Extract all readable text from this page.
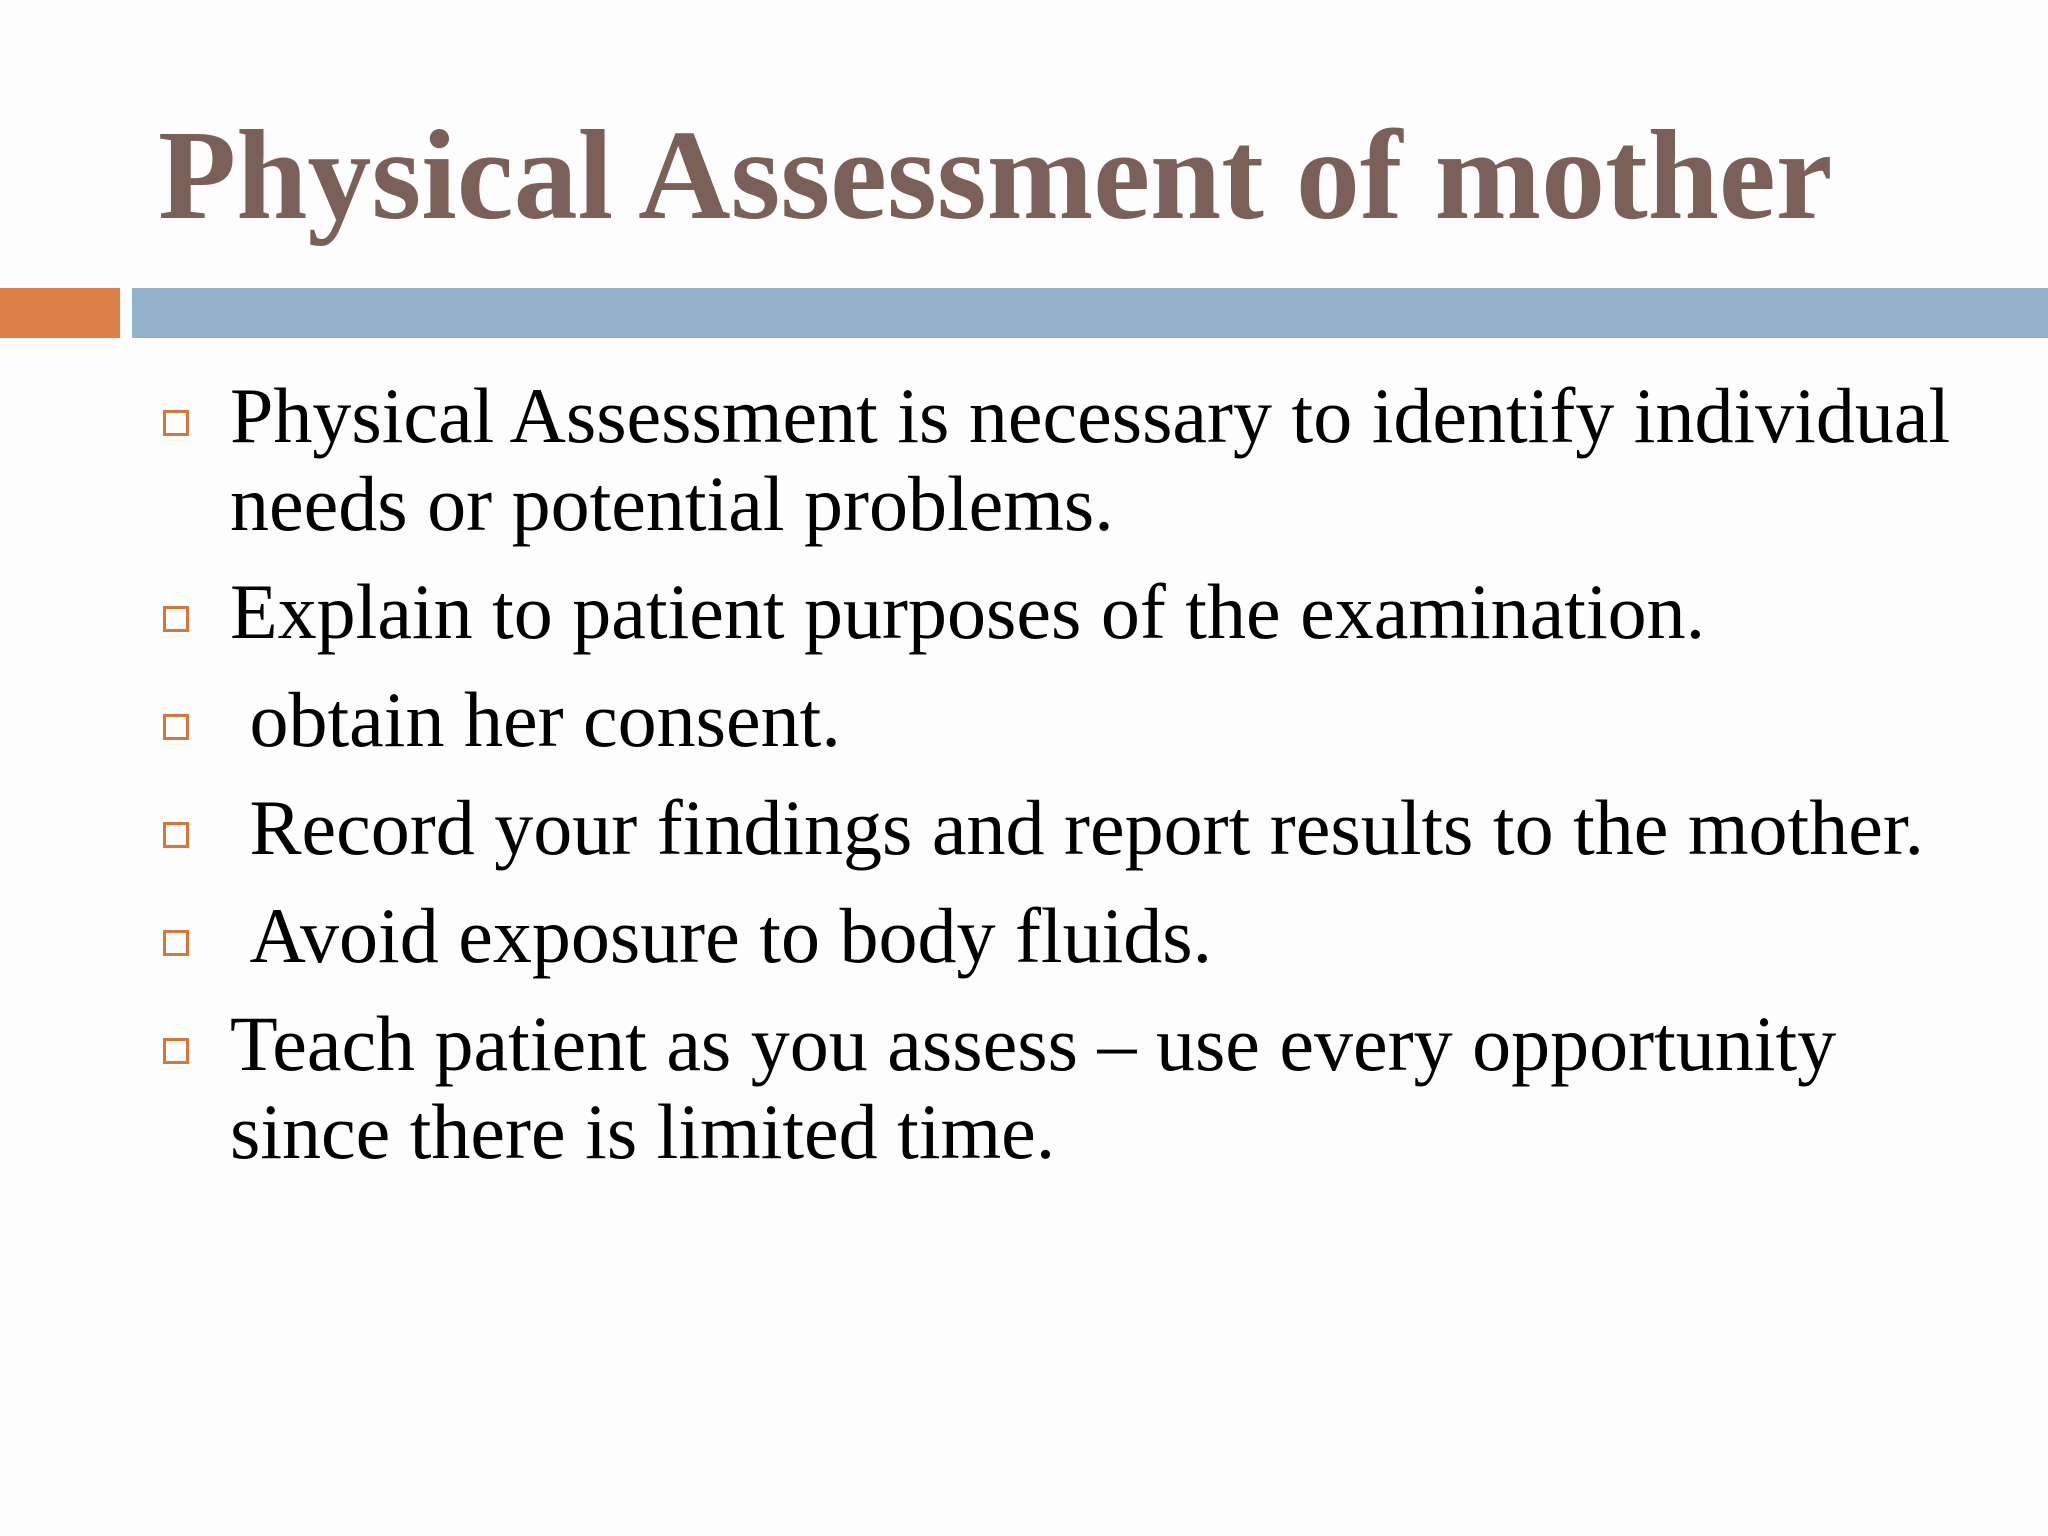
Physical Assessment of mother
Physical Assessment is necessary to identify individual needs or potential problems.
Explain to patient purposes of the examination.
obtain her consent.
Record your findings and report results to the mother.
Avoid exposure to body fluids.
Teach patient as you assess – use every opportunity since there is limited time.
